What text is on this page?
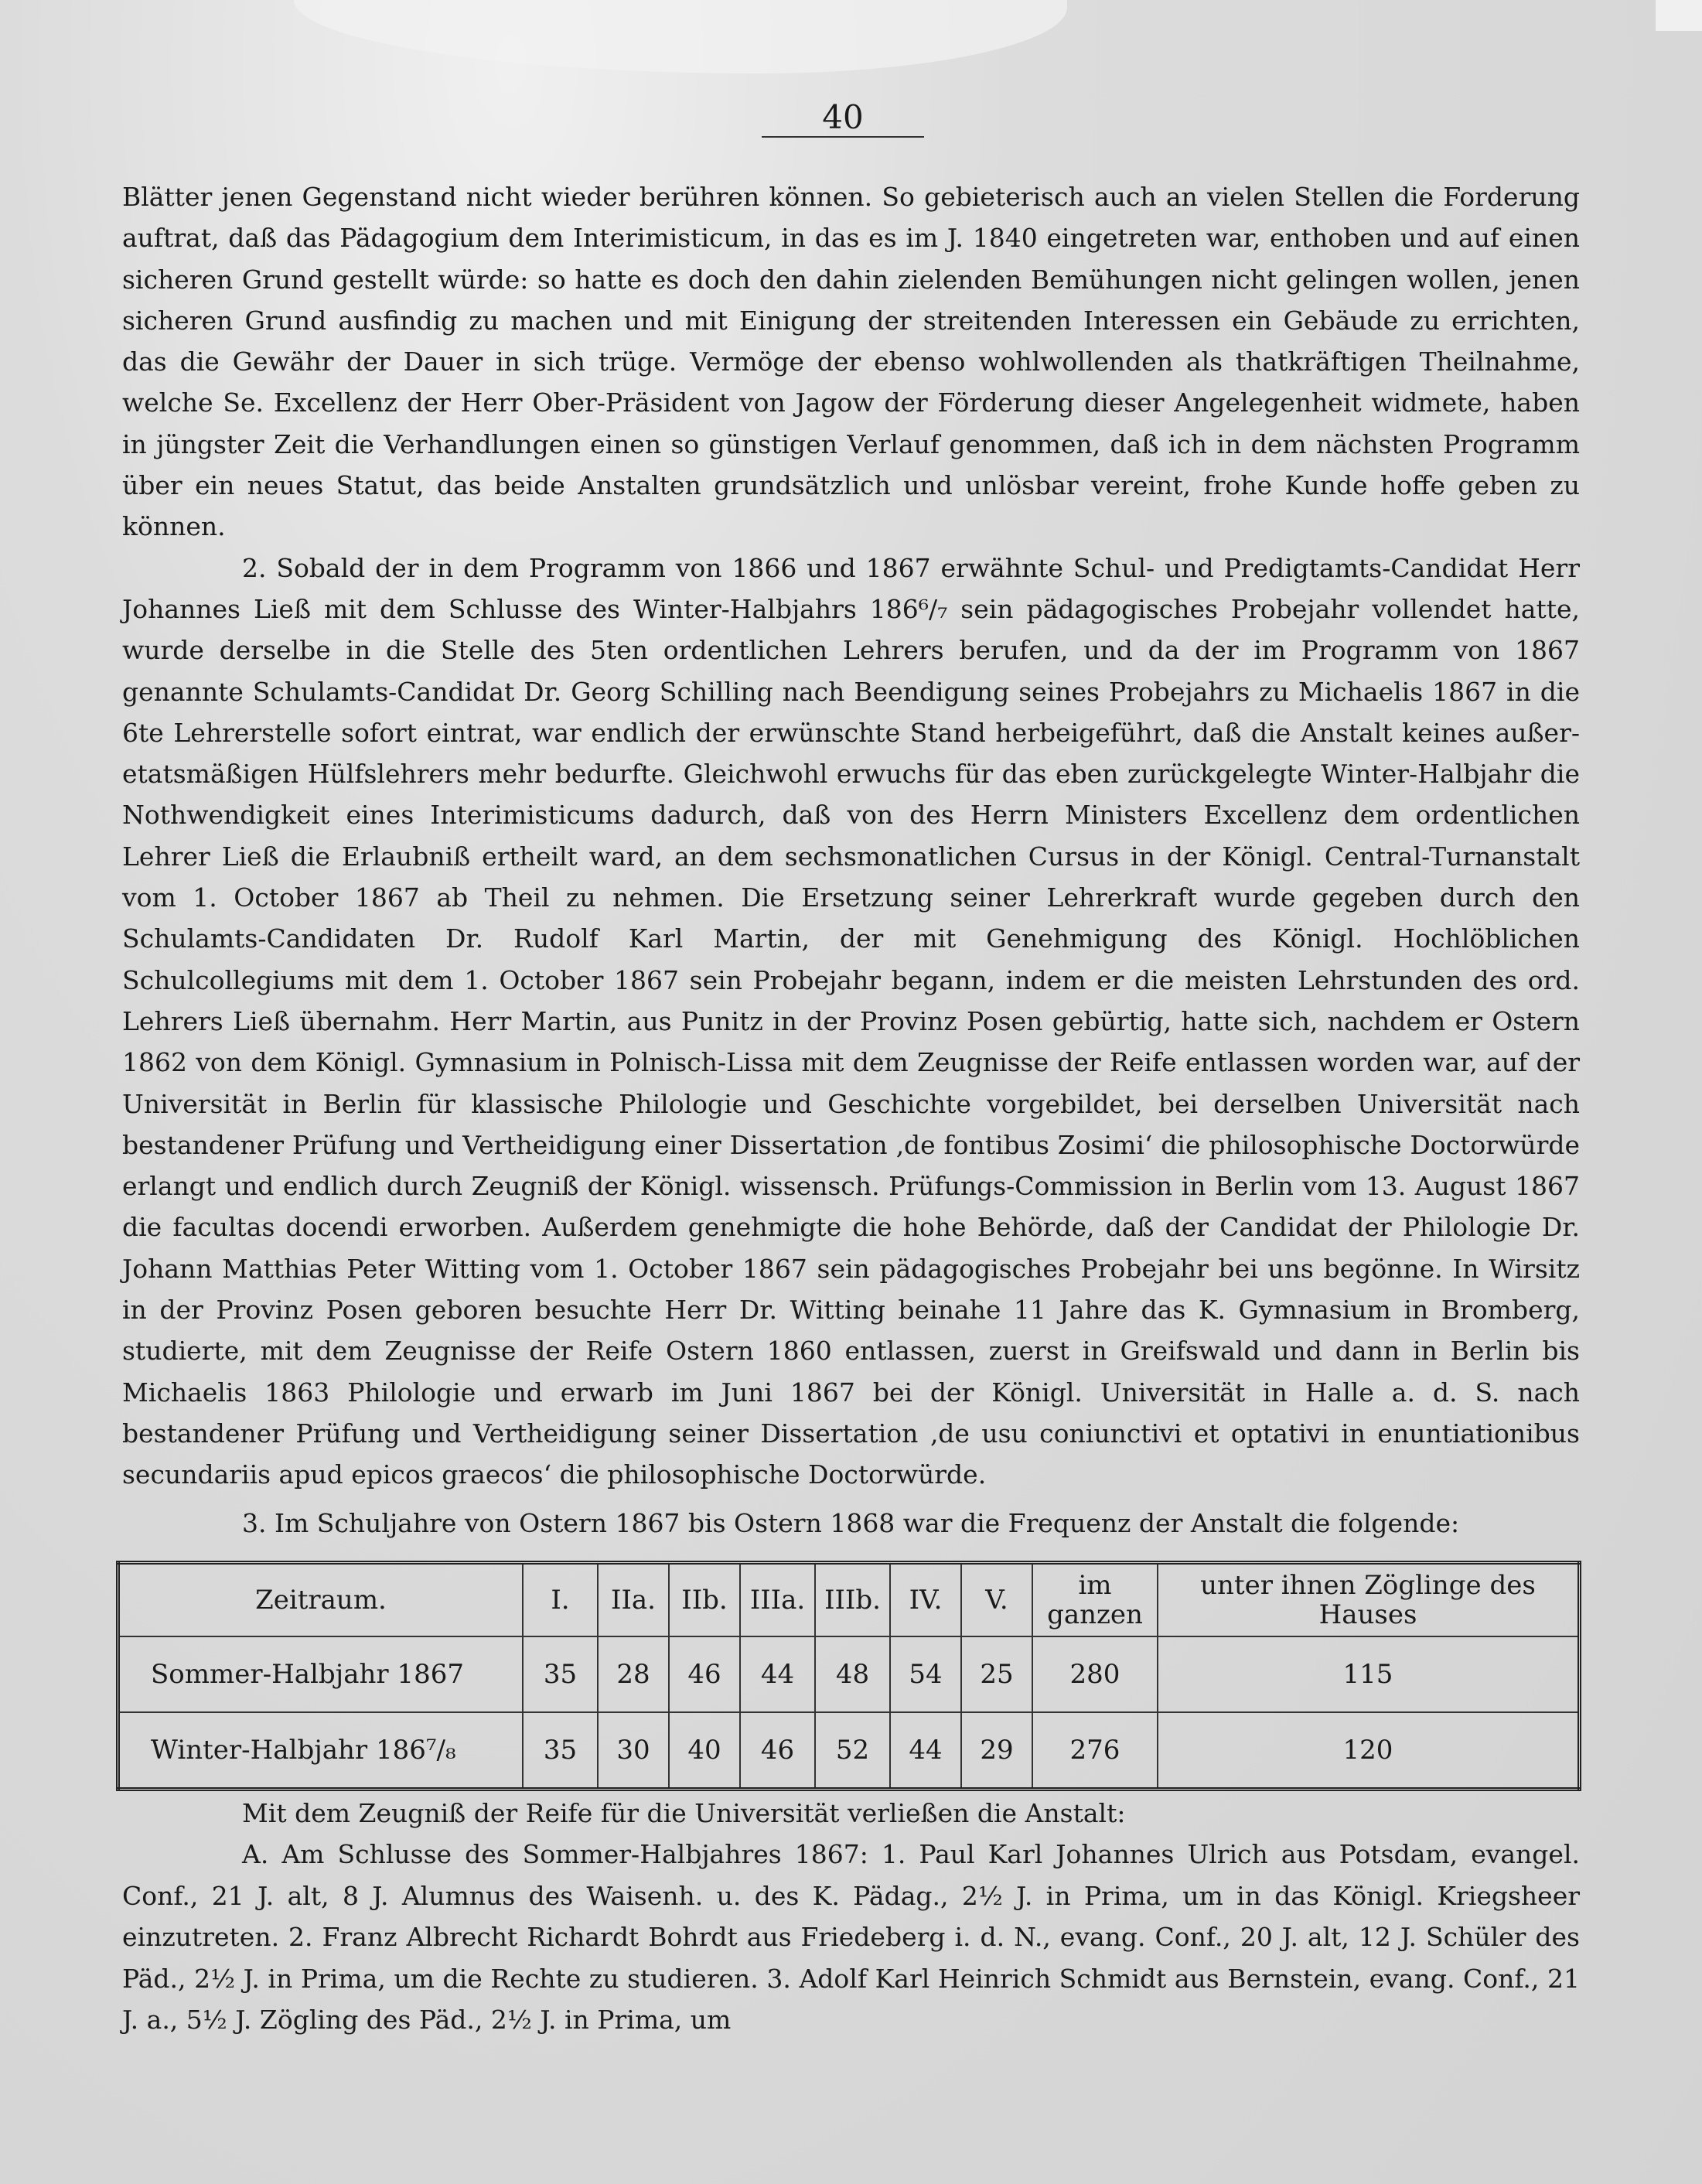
40

Blätter jenen Gegenstand nicht wieder berühren können. So gebieterisch auch an vielen Stellen die Forderung auftrat, daß das Pädagogium dem Interimisticum, in das es im J. 1840 eingetreten war, enthoben und auf einen sicheren Grund gestellt würde: so hatte es doch den dahin zielenden Bemühungen nicht gelingen wollen, jenen sicheren Grund ausfindig zu machen und mit Einigung der streitenden Interessen ein Gebäude zu errichten, das die Gewähr der Dauer in sich trüge. Vermöge der ebenso wohlwollenden als thatkräftigen Theilnahme, welche Se. Excellenz der Herr Ober-Präsident von Jagow der Förderung dieser Angelegenheit widmete, haben in jüngster Zeit die Verhandlungen einen so günstigen Verlauf genommen, daß ich in dem nächsten Programm über ein neues Statut, das beide Anstalten grundsätzlich und unlösbar vereint, frohe Kunde hoffe geben zu können.

2. Sobald der in dem Programm von 1866 und 1867 erwähnte Schul- und Predigtamts-Candidat Herr Johannes Ließ mit dem Schlusse des Winter-Halbjahrs 186⁶/₇ sein pädagogisches Probejahr vollendet hatte, wurde derselbe in die Stelle des 5ten ordentlichen Lehrers berufen, und da der im Programm von 1867 genannte Schulamts-Candidat Dr. Georg Schilling nach Beendigung seines Probejahrs zu Michaelis 1867 in die 6te Lehrerstelle sofort eintrat, war endlich der erwünschte Stand herbeigeführt, daß die Anstalt keines außer-etatsmäßigen Hülfslehrers mehr bedurfte. Gleichwohl erwuchs für das eben zurückgelegte Winter-Halbjahr die Nothwendigkeit eines Interimisticums dadurch, daß von des Herrn Ministers Excellenz dem ordentlichen Lehrer Ließ die Erlaubniß ertheilt ward, an dem sechsmonatlichen Cursus in der Königl. Central-Turnanstalt vom 1. October 1867 ab Theil zu nehmen. Die Ersetzung seiner Lehrerkraft wurde gegeben durch den Schulamts-Candidaten Dr. Rudolf Karl Martin, der mit Genehmigung des Königl. Hochlöblichen Schulcollegiums mit dem 1. October 1867 sein Probejahr begann, indem er die meisten Lehrstunden des ord. Lehrers Ließ übernahm. Herr Martin, aus Punitz in der Provinz Posen gebürtig, hatte sich, nachdem er Ostern 1862 von dem Königl. Gymnasium in Polnisch-Lissa mit dem Zeugnisse der Reife entlassen worden war, auf der Universität in Berlin für klassische Philologie und Geschichte vorgebildet, bei derselben Universität nach bestandener Prüfung und Vertheidigung einer Dissertation ‚de fontibus Zosimi‘ die philosophische Doctorwürde erlangt und endlich durch Zeugniß der Königl. wissensch. Prüfungs-Commission in Berlin vom 13. August 1867 die facultas docendi erworben. Außerdem genehmigte die hohe Behörde, daß der Candidat der Philologie Dr. Johann Matthias Peter Witting vom 1. October 1867 sein pädagogisches Probejahr bei uns begönne. In Wirsitz in der Provinz Posen geboren besuchte Herr Dr. Witting beinahe 11 Jahre das K. Gymnasium in Bromberg, studierte, mit dem Zeugnisse der Reife Ostern 1860 entlassen, zuerst in Greifswald und dann in Berlin bis Michaelis 1863 Philologie und erwarb im Juni 1867 bei der Königl. Universität in Halle a. d. S. nach bestandener Prüfung und Vertheidigung seiner Dissertation ‚de usu coniunctivi et optativi in enuntiationibus secundariis apud epicos graecos‘ die philosophische Doctorwürde.

3. Im Schuljahre von Ostern 1867 bis Ostern 1868 war die Frequenz der Anstalt die folgende:
Zeitraum.	I.	IIa.	IIb.	IIIa.	IIIb.	IV.	V.	im ganzen	unter ihnen Zöglinge des Hauses
Sommer-Halbjahr 1867	35	28	46	44	48	54	25	280	115
Winter-Halbjahr 186⁷/₈	35	30	40	46	52	44	29	276	120

Mit dem Zeugniß der Reife für die Universität verließen die Anstalt:

A. Am Schlusse des Sommer-Halbjahres 1867: 1. Paul Karl Johannes Ulrich aus Potsdam, evangel. Conf., 21 J. alt, 8 J. Alumnus des Waisenh. u. des K. Pädag., 2½ J. in Prima, um in das Königl. Kriegsheer einzutreten. 2. Franz Albrecht Richardt Bohrdt aus Friedeberg i. d. N., evang. Conf., 20 J. alt, 12 J. Schüler des Päd., 2½ J. in Prima, um die Rechte zu studieren. 3. Adolf Karl Heinrich Schmidt aus Bernstein, evang. Conf., 21 J. a., 5½ J. Zögling des Päd., 2½ J. in Prima, um
